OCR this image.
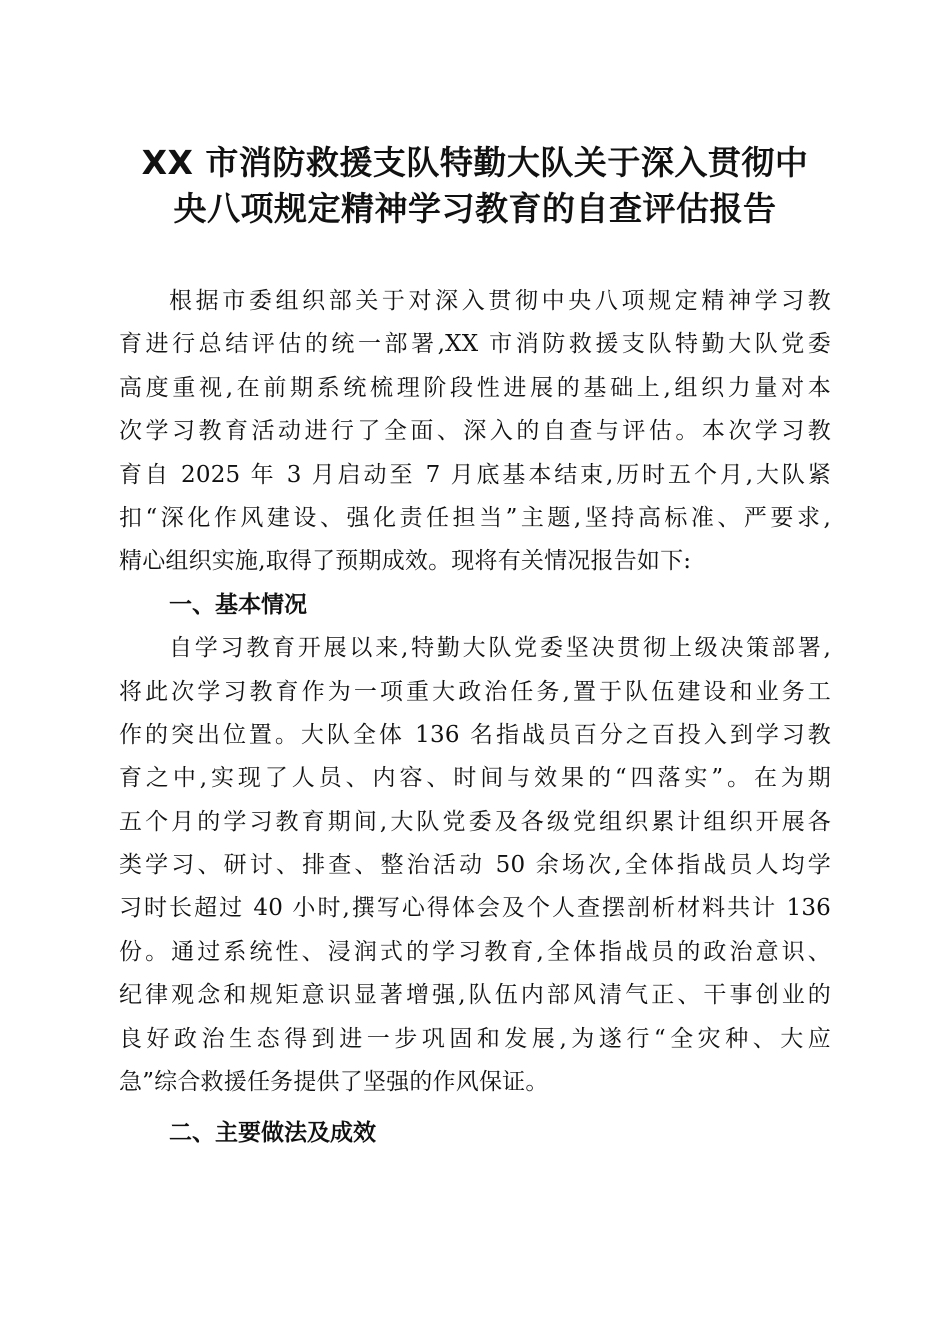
XX 市消防救援支队特勤大队关于深入贯彻中
央八项规定精神学习教育的自查评估报告
根据市委组织部关于对深入贯彻中央八项规定精神学习教
育进行总结评估的统一部署,XX 市消防救援支队特勤大队党委
高度重视,在前期系统梳理阶段性进展的基础上,组织力量对本
次学习教育活动进行了全面、深入的自查与评估。本次学习教
育自 2025 年 3 月启动至 7 月底基本结束,历时五个月,大队紧
扣“深化作风建设、强化责任担当”主题,坚持高标准、严要求,
精心组织实施,取得了预期成效。现将有关情况报告如下:
一、基本情况
自学习教育开展以来,特勤大队党委坚决贯彻上级决策部署,
将此次学习教育作为一项重大政治任务,置于队伍建设和业务工
作的突出位置。大队全体 136 名指战员百分之百投入到学习教
育之中,实现了人员、内容、时间与效果的“四落实”。在为期
五个月的学习教育期间,大队党委及各级党组织累计组织开展各
类学习、研讨、排查、整治活动 50 余场次,全体指战员人均学
习时长超过 40 小时,撰写心得体会及个人查摆剖析材料共计 136
份。通过系统性、浸润式的学习教育,全体指战员的政治意识、
纪律观念和规矩意识显著增强,队伍内部风清气正、干事创业的
良好政治生态得到进一步巩固和发展,为遂行“全灾种、大应
急”综合救援任务提供了坚强的作风保证。
二、主要做法及成效
